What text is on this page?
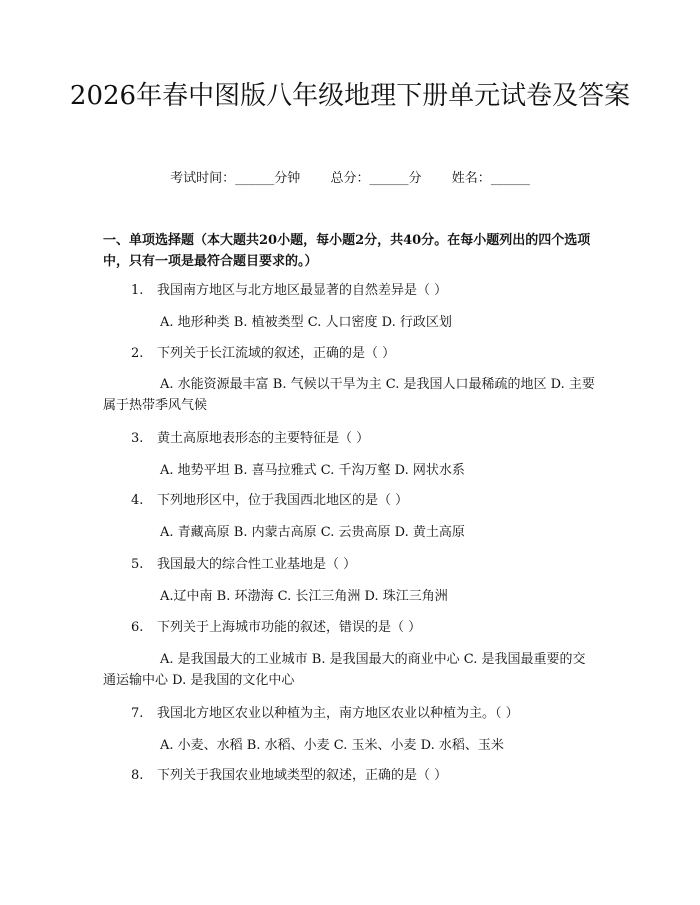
2026年春中图版八年级地理下册单元试卷及答案
考试时间：______分钟 总分：______分 姓名：______
一、单项选择题（本大题共20小题，每小题2分，共40分。在每小题列出的四个选项中，只有一项是最符合题目要求的。）
1. 我国南方地区与北方地区最显著的自然差异是（ ）
A. 地形种类 B. 植被类型 C. 人口密度 D. 行政区划
2. 下列关于长江流域的叙述，正确的是（ ）
A. 水能资源最丰富 B. 气候以干旱为主 C. 是我国人口最稀疏的地区 D. 主要属于热带季风气候
3. 黄土高原地表形态的主要特征是（ ）
A. 地势平坦 B. 喜马拉雅式 C. 千沟万壑 D. 网状水系
4. 下列地形区中，位于我国西北地区的是（ ）
A. 青藏高原 B. 内蒙古高原 C. 云贵高原 D. 黄土高原
5. 我国最大的综合性工业基地是（ ）
A.辽中南 B. 环渤海 C. 长江三角洲 D. 珠江三角洲
6. 下列关于上海城市功能的叙述，错误的是（ ）
A. 是我国最大的工业城市 B. 是我国最大的商业中心 C. 是我国最重要的交通运输中心 D. 是我国的文化中心
7. 我国北方地区农业以种植为主，南方地区农业以种植为主。（ ）
A. 小麦、水稻 B. 水稻、小麦 C. 玉米、小麦 D. 水稻、玉米
8. 下列关于我国农业地域类型的叙述，正确的是（ ）
